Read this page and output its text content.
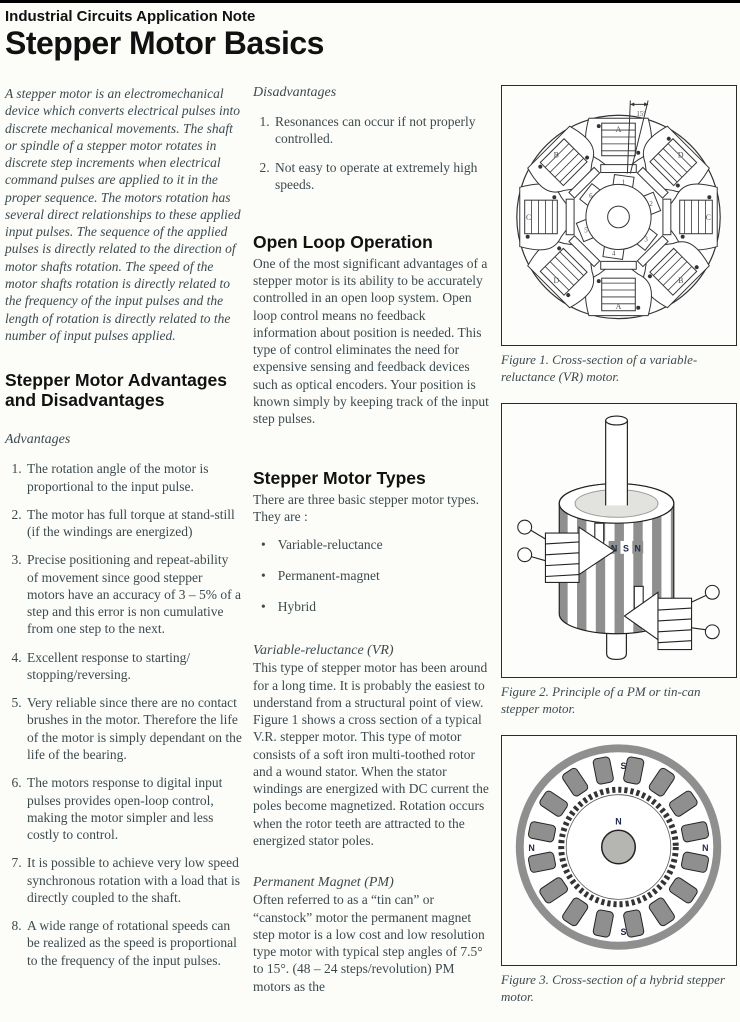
Industrial Circuits Application Note
Stepper Motor Basics

A stepper motor is an electromechanical device which converts electrical pulses into discrete mechanical movements. The shaft or spindle of a stepper motor rotates in discrete step increments when electrical command pulses are applied to it in the proper sequence. The motors rotation has several direct relationships to these applied input pulses. The sequence of the applied pulses is directly related to the direction of motor shafts rotation. The speed of the motor shafts rotation is directly related to the frequency of the input pulses and the length of rotation is directly related to the number of input pulses applied.

Stepper Motor Advantages and Disadvantages
Advantages
1. The rotation angle of the motor is proportional to the input pulse.
2. The motor has full torque at stand-still (if the windings are energized)
3. Precise positioning and repeat-ability of movement since good stepper motors have an accuracy of 3 – 5% of a step and this error is non cumulative from one step to the next.
4. Excellent response to starting/ stopping/reversing.
5. Very reliable since there are no contact brushes in the motor. Therefore the life of the motor is simply dependant on the life of the bearing.
6. The motors response to digital input pulses provides open-loop control, making the motor simpler and less costly to control.
7. It is possible to achieve very low speed synchronous rotation with a load that is directly coupled to the shaft.
8. A wide range of rotational speeds can be realized as the speed is proportional to the frequency of the input pulses.
Disadvantages
1. Resonances can occur if not properly controlled.
2. Not easy to operate at extremely high speeds.
Open Loop Operation

One of the most significant advantages of a stepper motor is its ability to be accurately controlled in an open loop system. Open loop control means no feedback information about position is needed. This type of control eliminates the need for expensive sensing and feedback devices such as optical encoders. Your position is known simply by keeping track of the input step pulses.

Stepper Motor Types

There are three basic stepper motor types. They are :

• Variable-reluctance
• Permanent-magnet
• Hybrid
Variable-reluctance (VR)

This type of stepper motor has been around for a long time. It is probably the easiest to understand from a structural point of view. Figure 1 shows a cross section of a typical V.R. stepper motor. This type of motor consists of a soft iron multi-toothed rotor and a wound stator. When the stator windings are energized with DC current the poles become magnetized. Rotation occurs when the rotor teeth are attracted to the energized stator poles.

Permanent Magnet (PM)

Often referred to as a “tin can” or “canstock” motor the permanent magnet step motor is a low cost and low resolution type motor with typical step angles of 7.5° to 15°. (48 – 24 steps/revolution) PM motors as the

15°
A
B
C
D
A
B
C
D
1
2
3
4
5
6
Figure 1. Cross-section of a variable-reluctance (VR) motor.
N S N
Figure 2. Principle of a PM or tin-can stepper motor.
S
S
N	N
N
Figure 3. Cross-section of a hybrid stepper motor.
